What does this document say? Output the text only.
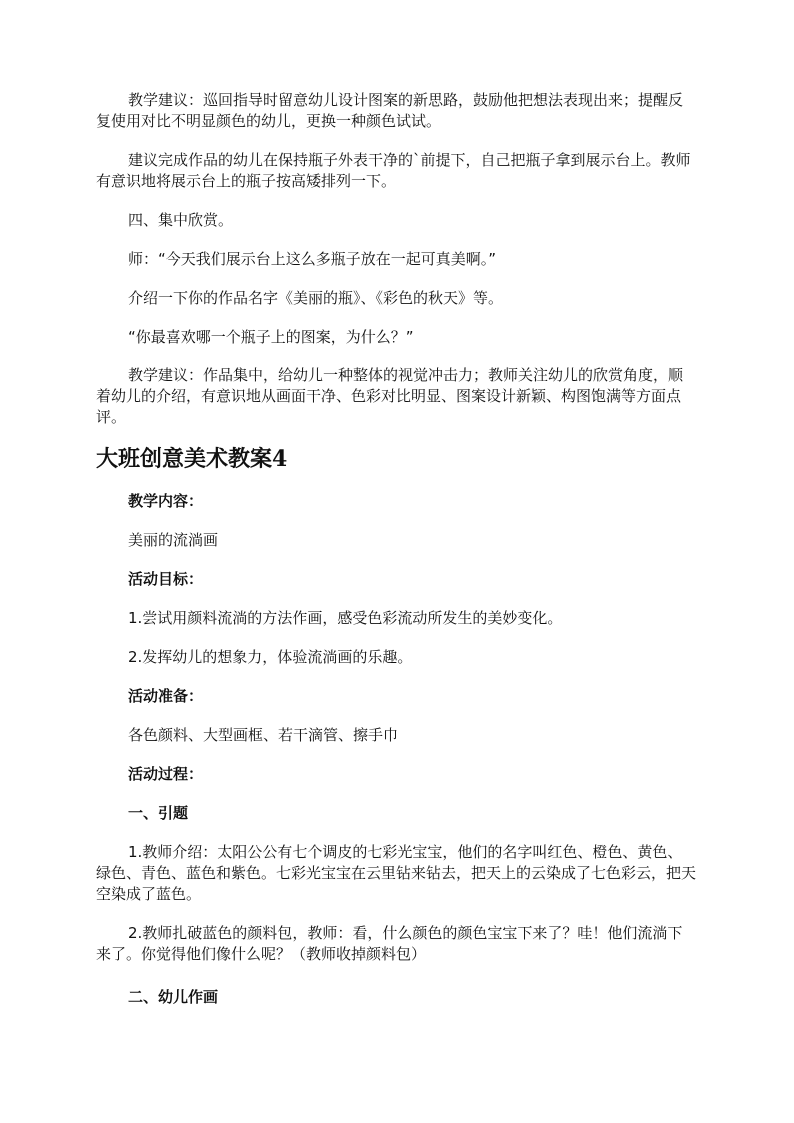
教学建议：巡回指导时留意幼儿设计图案的新思路，鼓励他把想法表现出来；提醒反复使用对比不明显颜色的幼儿，更换一种颜色试试。

建议完成作品的幼儿在保持瓶子外表干净的`前提下，自己把瓶子拿到展示台上。教师有意识地将展示台上的瓶子按高矮排列一下。

四、集中欣赏。

师：“今天我们展示台上这么多瓶子放在一起可真美啊。”

介绍一下你的作品名字《美丽的瓶》、《彩色的秋天》等。

“你最喜欢哪一个瓶子上的图案，为什么？”

教学建议：作品集中，给幼儿一种整体的视觉冲击力；教师关注幼儿的欣赏角度，顺着幼儿的介绍，有意识地从画面干净、色彩对比明显、图案设计新颖、构图饱满等方面点评。

大班创意美术教案4

教学内容：

美丽的流淌画

活动目标：

1.尝试用颜料流淌的方法作画，感受色彩流动所发生的美妙变化。

2.发挥幼儿的想象力，体验流淌画的乐趣。

活动准备：

各色颜料、大型画框、若干滴管、擦手巾

活动过程：

一、引题

1.教师介绍：太阳公公有七个调皮的七彩光宝宝，他们的名字叫红色、橙色、黄色、绿色、青色、蓝色和紫色。七彩光宝宝在云里钻来钻去，把天上的云染成了七色彩云，把天空染成了蓝色。

2.教师扎破蓝色的颜料包，教师：看，什么颜色的颜色宝宝下来了？哇！他们流淌下来了。你觉得他们像什么呢？（教师收掉颜料包）

二、幼儿作画
